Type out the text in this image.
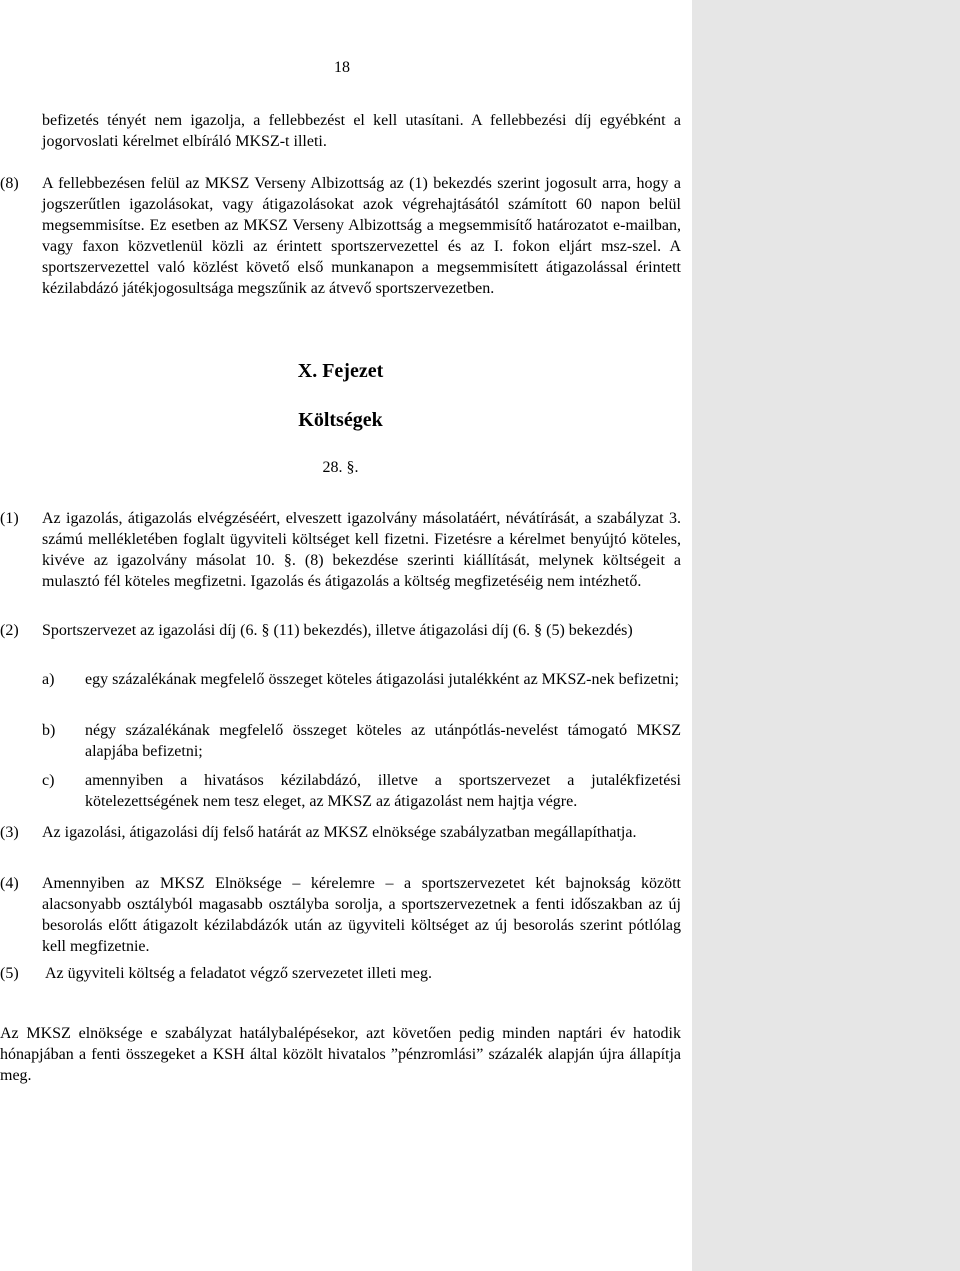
18
befizetés tényét nem igazolja, a fellebbezést el kell utasítani. A fellebbezési díj egyébként a jogorvoslati kérelmet elbíráló MKSZ-t illeti.
(8) A fellebbezésen felül az MKSZ Verseny Albizottság az (1) bekezdés szerint jogosult arra, hogy a jogszerűtlen igazolásokat, vagy átigazolásokat azok végrehajtásától számított 60 napon belül megsemmisítse. Ez esetben az MKSZ Verseny Albizottság a megsemmisítő határozatot e-mailban, vagy faxon közvetlenül közli az érintett sportszervezettel és az I. fokon eljárt msz-szel. A sportszervezettel való közlést követő első munkanapon a megsemmisített átigazolással érintett kézilabdázó játékjogosultsága megszűnik az átvevő sportszervezetben.
X. Fejezet
Költségek
28. §.
(1) Az igazolás, átigazolás elvégzéséért, elveszett igazolvány másolatáért, névátírását, a szabályzat 3. számú mellékletében foglalt ügyviteli költséget kell fizetni. Fizetésre a kérelmet benyújtó köteles, kivéve az igazolvány másolat 10. §. (8) bekezdése szerinti kiállítását, melynek költségeit a mulasztó fél köteles megfizetni. Igazolás és átigazolás a költség megfizetéséig nem intézhető.
(2) Sportszervezet az igazolási díj (6. § (11) bekezdés), illetve átigazolási díj (6. § (5) bekezdés)
a) egy százalékának megfelelő összeget köteles átigazolási jutalékként az MKSZ-nek befizetni;
b) négy százalékának megfelelő összeget köteles az utánpótlás-nevelést támogató MKSZ alapjába befizetni;
c) amennyiben a hivatásos kézilabdázó, illetve a sportszervezet a jutalékfizetési kötelezettségének nem tesz eleget, az MKSZ az átigazolást nem hajtja végre.
(3) Az igazolási, átigazolási díj felső határát az MKSZ elnöksége szabályzatban megállapíthatja.
(4) Amennyiben az MKSZ Elnöksége – kérelemre – a sportszervezetet két bajnokság között alacsonyabb osztályból magasabb osztályba sorolja, a sportszervezetnek a fenti időszakban az új besorolás előtt átigazolt kézilabdázók után az ügyviteli költséget az új besorolás szerint pótlólag kell megfizetnie.
(5) Az ügyviteli költség a feladatot végző szervezetet illeti meg.
Az MKSZ elnöksége e szabályzat hatálybalépésekor, azt követően pedig minden naptári év hatodik hónapjában a fenti összegeket a KSH által közölt hivatalos ”pénzromlási” százalék alapján újra állapítja meg.
